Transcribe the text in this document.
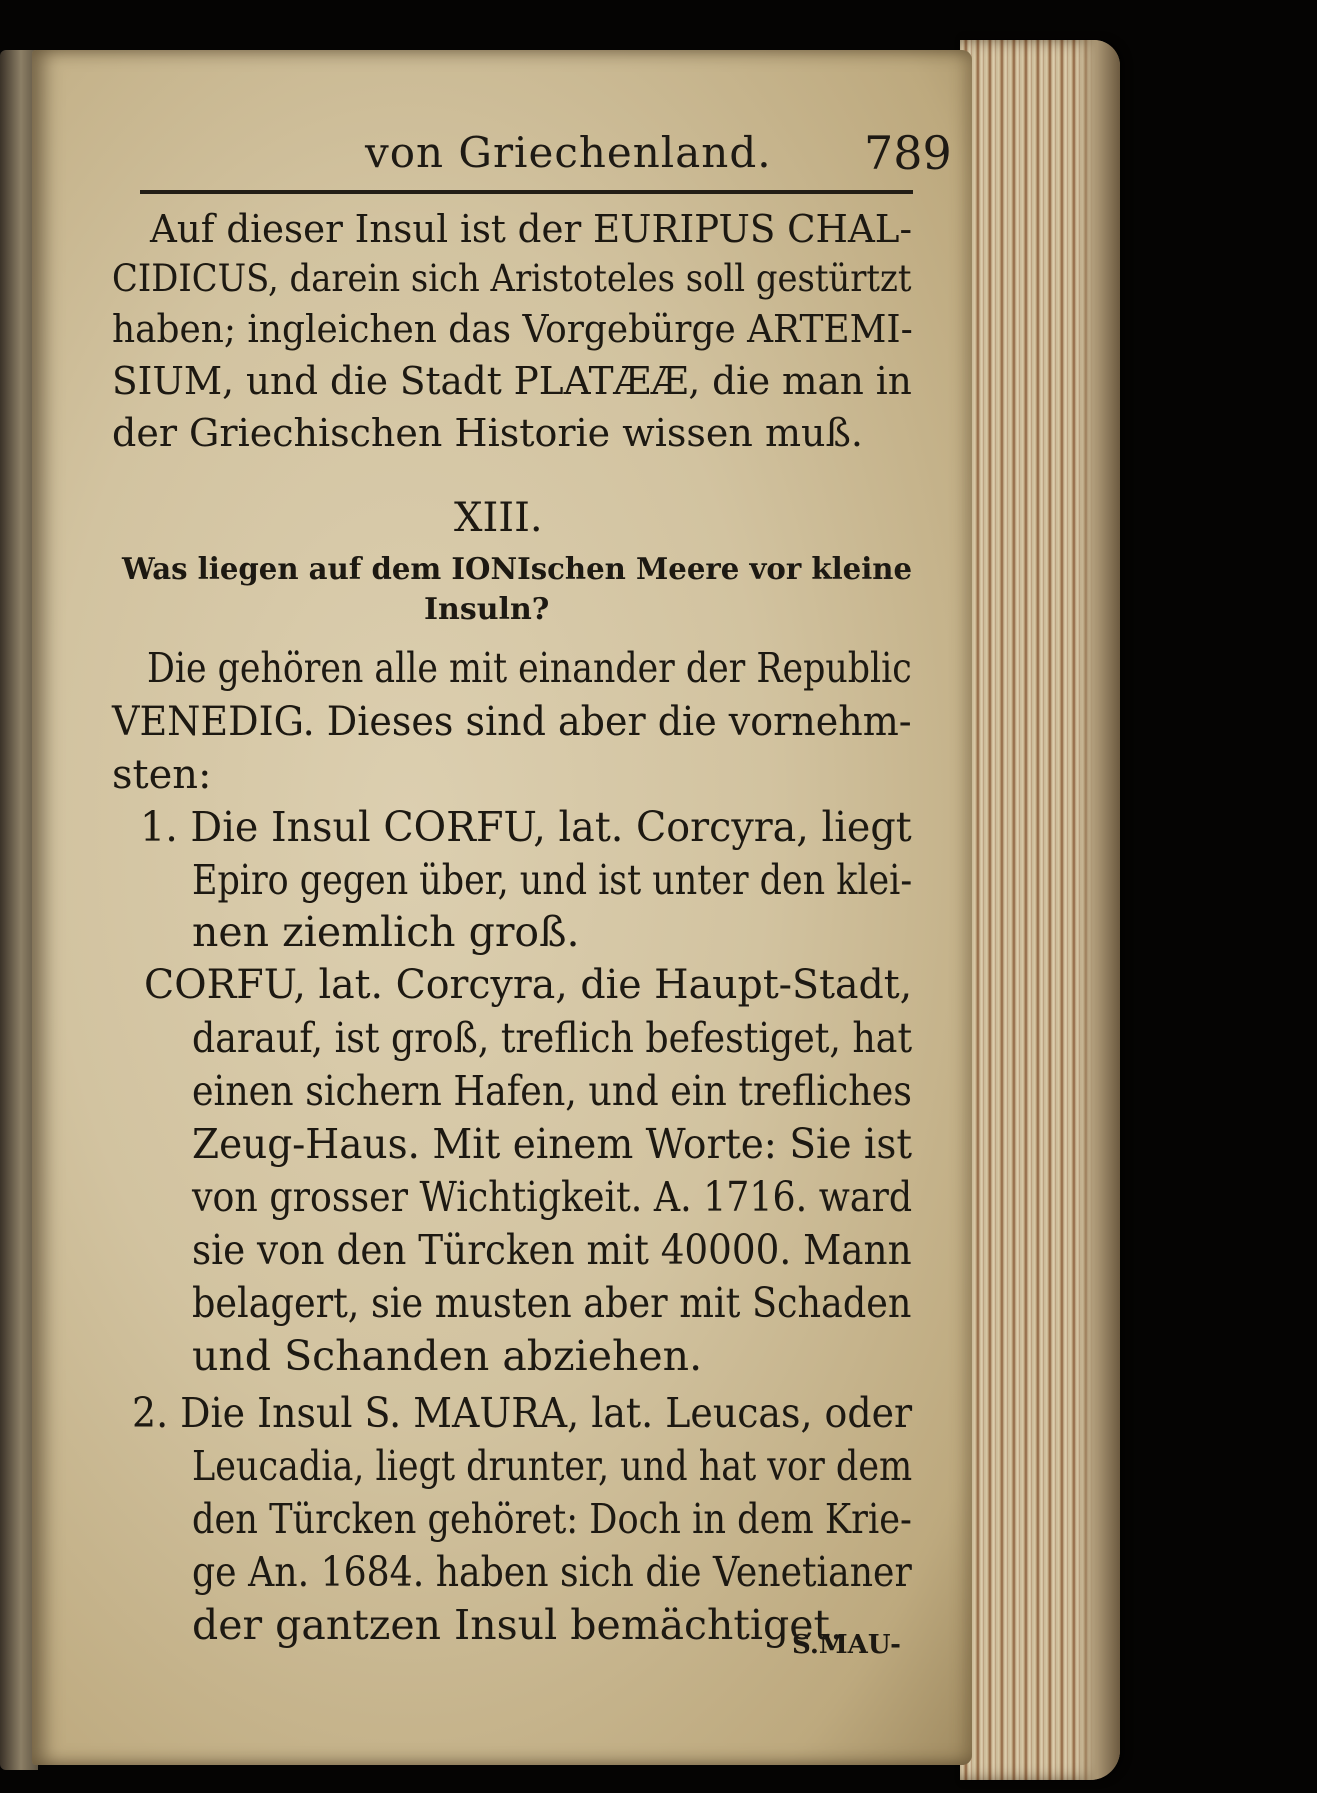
von Griechenland. 789
Auf dieser Insul ist der EURIPUS CHAL-
CIDICUS, darein sich Aristoteles soll gestürtzt
haben; ingleichen das Vorgebürge ARTEMI-
SIUM, und die Stadt PLATÆÆ, die man in
der Griechischen Historie wissen muß.
XIII.
Was liegen auf dem IONIschen Meere vor kleine
Insuln?
Die gehören alle mit einander der Republic
VENEDIG. Dieses sind aber die vornehm-
sten:
1. Die Insul CORFU, lat. Corcyra, liegt
Epiro gegen über, und ist unter den klei-
nen ziemlich groß.
CORFU, lat. Corcyra, die Haupt-Stadt,
darauf, ist groß, treflich befestiget, hat
einen sichern Hafen, und ein trefliches
Zeug-Haus. Mit einem Worte: Sie ist
von grosser Wichtigkeit. A. 1716. ward
sie von den Türcken mit 40000. Mann
belagert, sie musten aber mit Schaden
und Schanden abziehen.
2. Die Insul S. MAURA, lat. Leucas, oder
Leucadia, liegt drunter, und hat vor dem
den Türcken gehöret: Doch in dem Krie-
ge An. 1684. haben sich die Venetianer
der gantzen Insul bemächtiget.
S.MAU-
